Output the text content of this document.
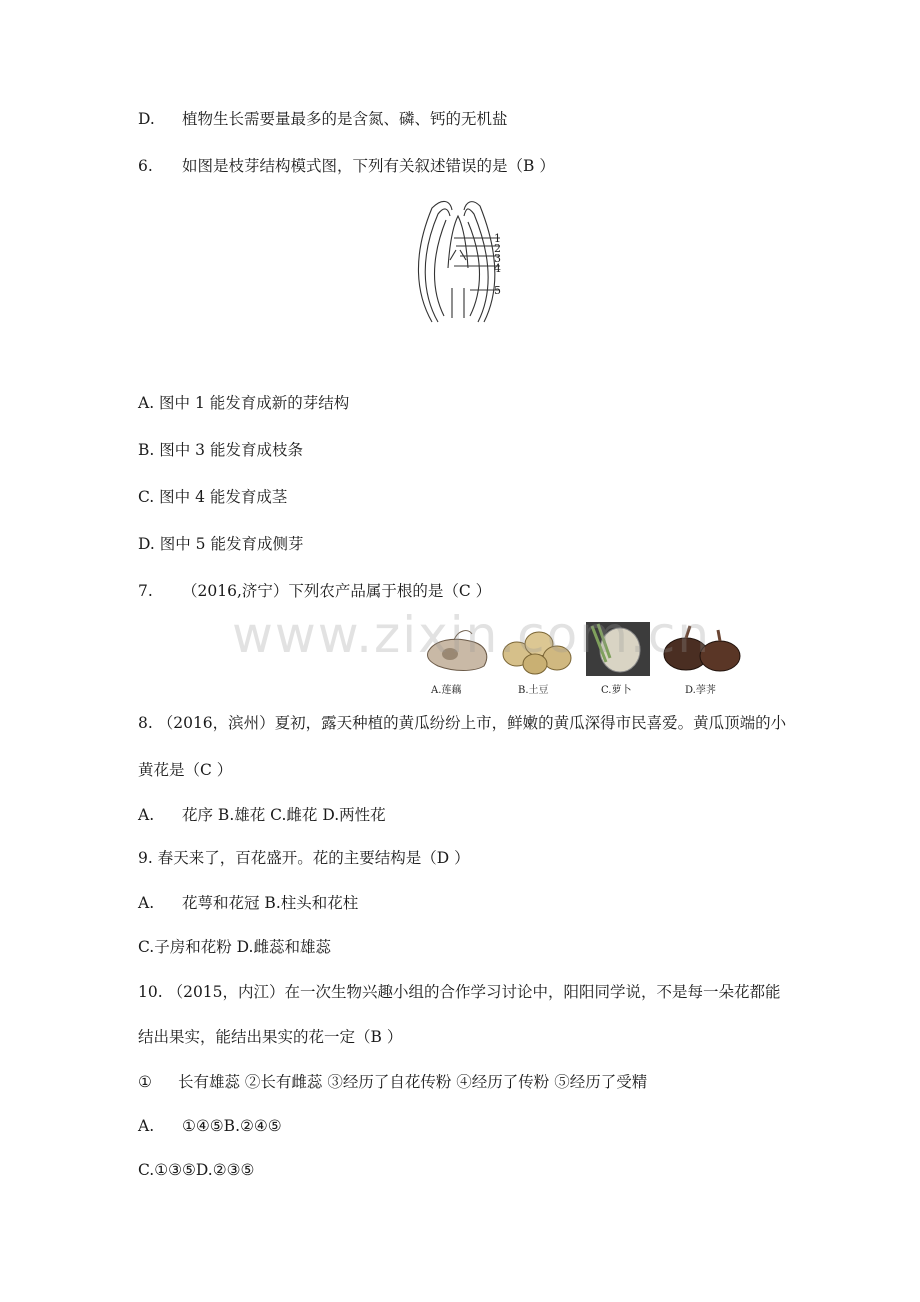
D. 植物生长需要量最多的是含氮、磷、钙的无机盐
6. 如图是枝芽结构模式图，下列有关叙述错误的是（B ）
1
2
3
4
5
A. 图中 1 能发育成新的芽结构
B. 图中 3 能发育成枝条
C. 图中 4 能发育成茎
D. 图中 5 能发育成侧芽
7. （2016,济宁）下列农产品属于根的是（C ）
A.莲藕	B.土豆	C.萝卜	D.荸荠
www.zixin.com.cn
8. （2016，滨州）夏初，露天种植的黄瓜纷纷上市，鲜嫩的黄瓜深得市民喜爱。黄瓜顶端的小
黄花是（C ）
A. 花序 B.雄花 C.雌花 D.两性花
9. 春天来了，百花盛开。花的主要结构是（D ）
A. 花萼和花冠 B.柱头和花柱
C.子房和花粉 D.雌蕊和雄蕊
10. （2015，内江）在一次生物兴趣小组的合作学习讨论中，阳阳同学说，不是每一朵花都能
结出果实，能结出果实的花一定（B ）
① 长有雄蕊 ②长有雌蕊 ③经历了自花传粉 ④经历了传粉 ⑤经历了受精
A. ①④⑤B.②④⑤
C.①③⑤D.②③⑤
